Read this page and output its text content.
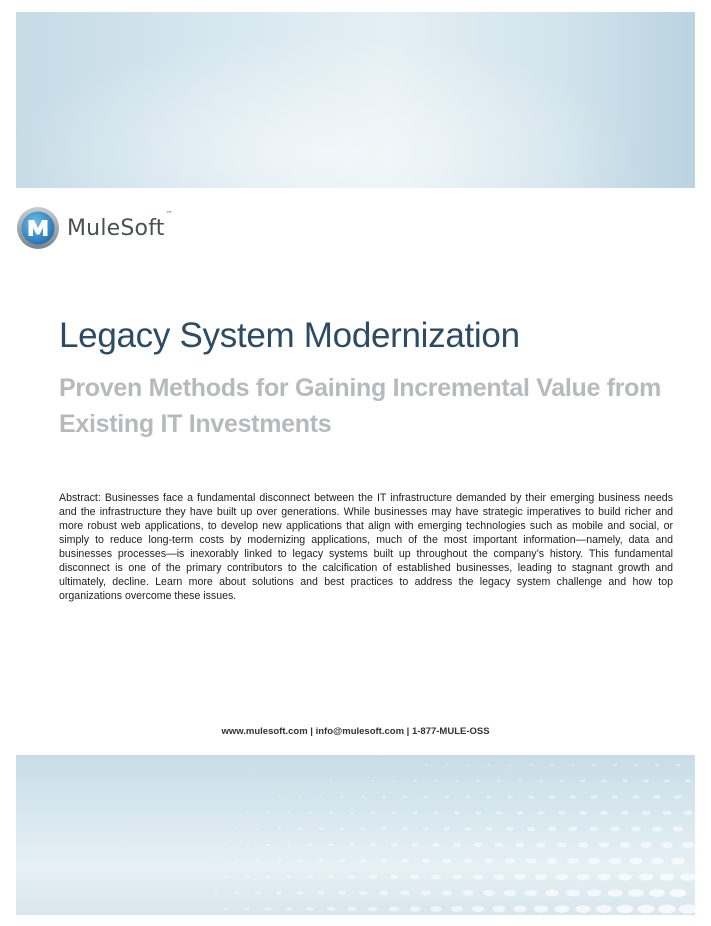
MuleSoft™
Legacy System Modernization
Proven Methods for Gaining Incremental Value from Existing IT Investments

Abstract: Businesses face a fundamental disconnect between the IT infrastructure demanded by their emerging business needs and the infrastructure they have built up over generations. While businesses may have strategic imperatives to build richer and more robust web applications, to develop new applications that align with emerging technologies such as mobile and social, or simply to reduce long-term costs by modernizing applications, much of the most important information—namely, data and businesses processes—is inexorably linked to legacy systems built up throughout the company’s history. This fundamental disconnect is one of the primary contributors to the calcification of established businesses, leading to stagnant growth and ultimately, decline. Learn more about solutions and best practices to address the legacy system challenge and how top organizations overcome these issues.

www.mulesoft.com | info@mulesoft.com | 1-877-MULE-OSS
